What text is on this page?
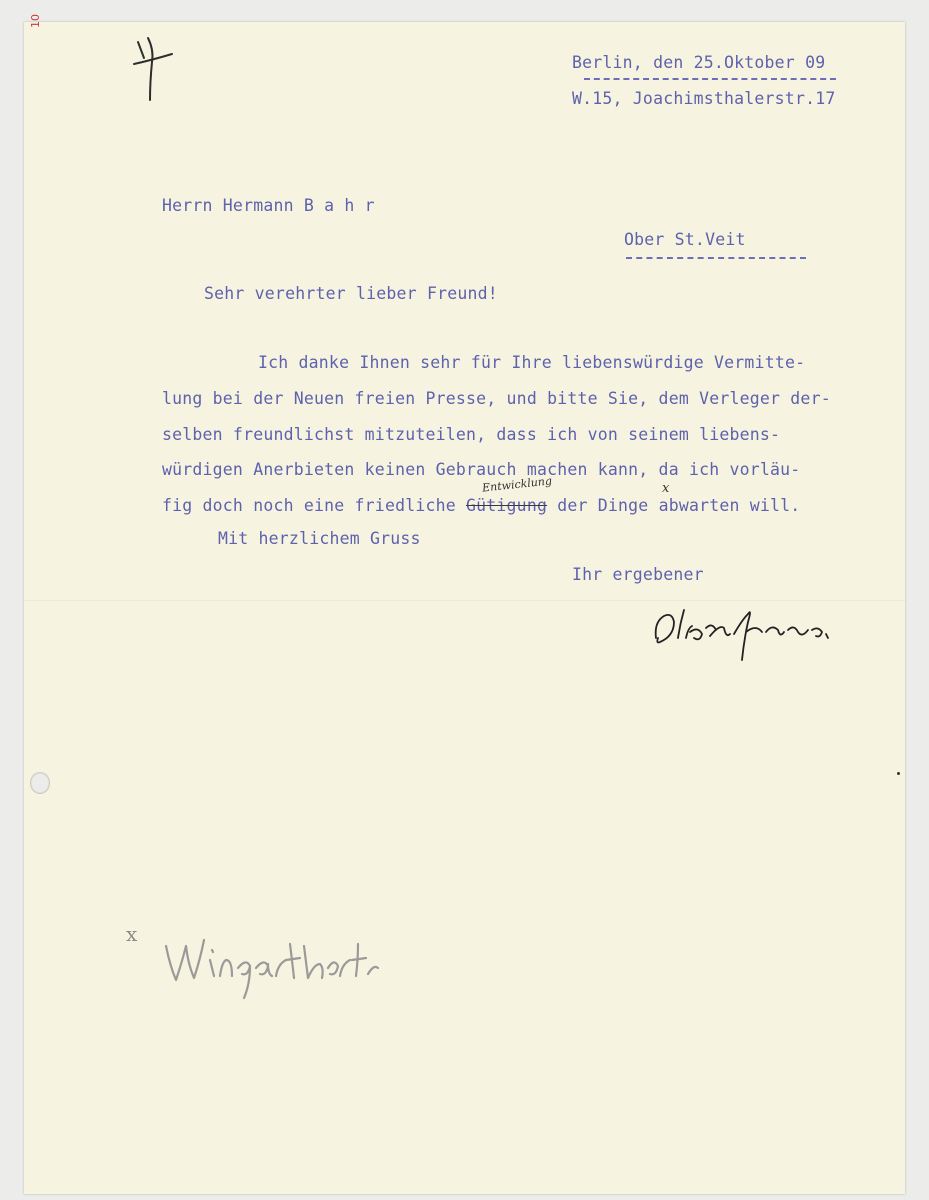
10
Berlin, den 25.Oktober 09
W.15, Joachimsthalerstr.17
Herrn Hermann B a h r
Ober St.Veit
Sehr verehrter lieber Freund!
Ich danke Ihnen sehr für Ihre liebenswürdige Vermitte-
lung bei der Neuen freien Presse, und bitte Sie, dem Verleger der-
selben freundlichst mitzuteilen, dass ich von seinem liebens-
würdigen Anerbieten keinen Gebrauch machen kann, da ich vorläu-
fig doch noch eine friedliche Gütigung der Dinge abwarten will.
Entwicklung	x
Mit herzlichem Gruss
Ihr ergebener
x
